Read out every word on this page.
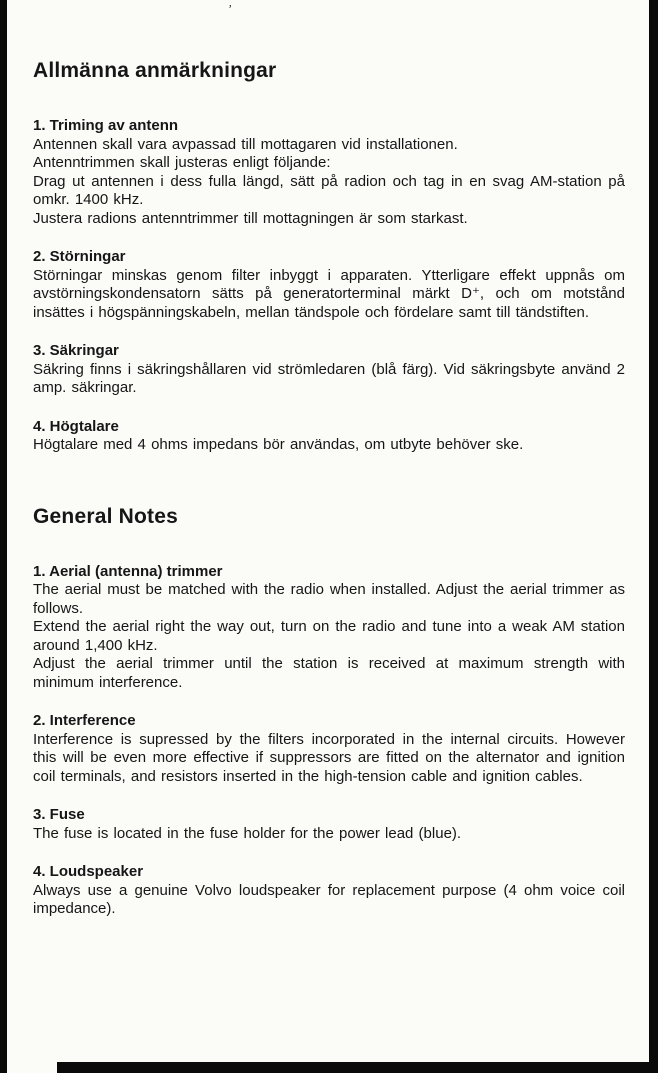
’
Allmänna anmärkningar
1. Triming av antenn

Antennen skall vara avpassad till mottagaren vid installationen.

Antenntrimmen skall justeras enligt följande:

Drag ut antennen i dess fulla längd, sätt på radion och tag in en svag AM-station på omkr. 1400 kHz.

Justera radions antenntrimmer till mottagningen är som starkast.

2. Störningar

Störningar minskas genom filter inbyggt i apparaten. Ytterligare effekt uppnås om avstörningskondensatorn sätts på generatorterminal märkt D⁺, och om motstånd insättes i högspänningskabeln, mellan tändspole och fördelare samt till tändstiften.

3. Säkringar

Säkring finns i säkringshållaren vid strömledaren (blå färg). Vid säkringsbyte använd 2 amp. säkringar.

4. Högtalare

Högtalare med 4 ohms impedans bör användas, om utbyte behöver ske.

General Notes
1. Aerial (antenna) trimmer

The aerial must be matched with the radio when installed. Adjust the aerial trimmer as follows.

Extend the aerial right the way out, turn on the radio and tune into a weak AM station around 1,400 kHz.

Adjust the aerial trimmer until the station is received at maximum strength with minimum interference.

2. Interference

Interference is supressed by the filters incorporated in the internal circuits. However this will be even more effective if suppressors are fitted on the alternator and ignition coil terminals, and resistors inserted in the high-tension cable and ignition cables.

3. Fuse

The fuse is located in the fuse holder for the power lead (blue).

4. Loudspeaker

Always use a genuine Volvo loudspeaker for replacement purpose (4 ohm voice coil impedance).
